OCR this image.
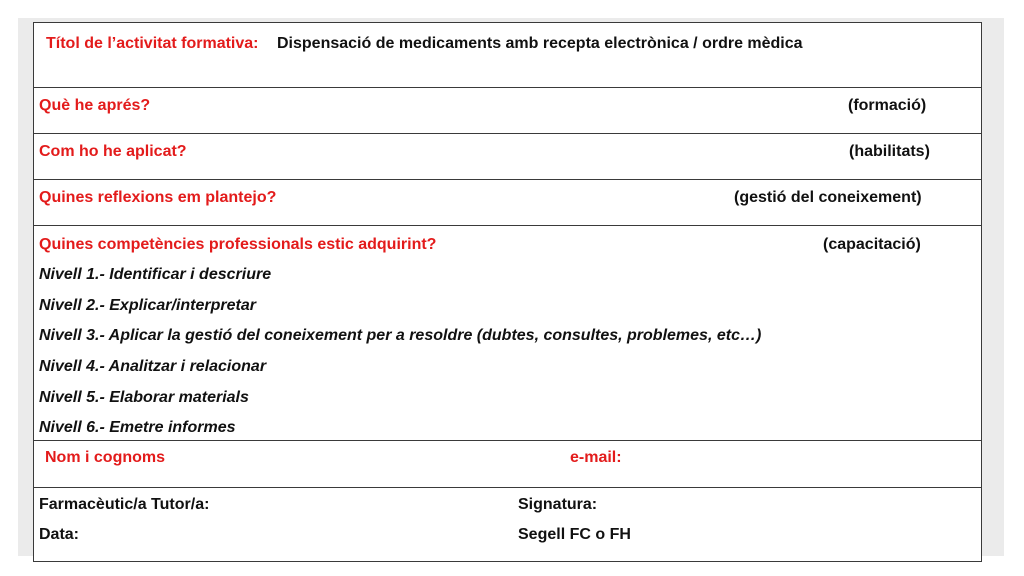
Títol de l’activitat formativa: Dispensació de medicaments amb recepta electrònica / ordre mèdica
Què he aprés?	(formació)
Com ho he aplicat?	(habilitats)
Quines reflexions em plantejo?	(gestió del coneixement)
Quines competències professionals estic adquirint?	(capacitació)
Nivell 1.- Identificar i descriure
Nivell 2.- Explicar/interpretar
Nivell 3.- Aplicar la gestió del coneixement per a resoldre (dubtes, consultes, problemes, etc…)
Nivell 4.- Analitzar i relacionar
Nivell 5.- Elaborar materials
Nivell 6.- Emetre informes
Nom i cognoms	e-mail:
Farmacèutic/a Tutor/a:	Signatura:
Data:	Segell FC o FH
